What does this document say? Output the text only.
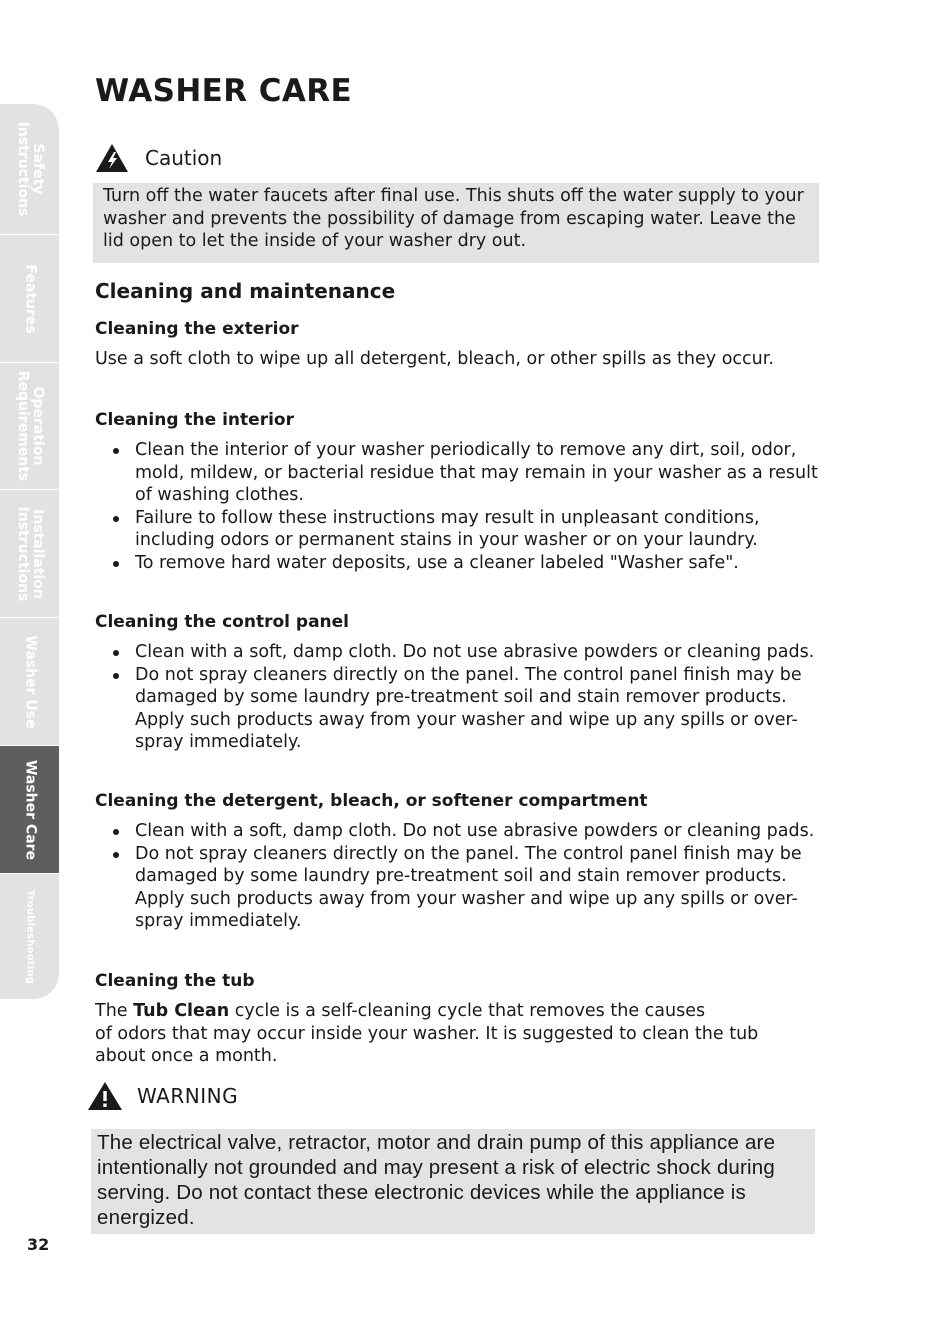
Safety
Instructions
Features
Operation
Requirements
Installation
Instructions
Washer Use
Washer Care
Troubleshooting
WASHER CARE
Caution
Turn off the water faucets after final use. This shuts off the water supply to your washer and prevents the possibility of damage from escaping water. Leave the lid open to let the inside of your washer dry out.
Cleaning and maintenance
Cleaning the exterior

Use a soft cloth to wipe up all detergent, bleach, or other spills as they occur.

Cleaning the interior
Clean the interior of your washer periodically to remove any dirt, soil, odor, mold, mildew, or bacterial residue that may remain in your washer as a result of washing clothes.
Failure to follow these instructions may result in unpleasant conditions, including odors or permanent stains in your washer or on your laundry.
To remove hard water deposits, use a cleaner labeled "Washer safe".
Cleaning the control panel
Clean with a soft, damp cloth. Do not use abrasive powders or cleaning pads.
Do not spray cleaners directly on the panel. The control panel finish may be damaged by some laundry pre-treatment soil and stain remover products. Apply such products away from your washer and wipe up any spills or over-spray immediately.
Cleaning the detergent, bleach, or softener compartment
Clean with a soft, damp cloth. Do not use abrasive powders or cleaning pads.
Do not spray cleaners directly on the panel. The control panel finish may be damaged by some laundry pre-treatment soil and stain remover products. Apply such products away from your washer and wipe up any spills or over-spray immediately.
Cleaning the tub
The Tub Clean cycle is a self-cleaning cycle that removes the causes
of odors that may occur inside your washer. It is suggested to clean the tub
about once a month.
WARNING
The electrical valve, retractor, motor and drain pump of this appliance are intentionally not grounded and may present a risk of electric shock during serving. Do not contact these electronic devices while the appliance is energized.
32
